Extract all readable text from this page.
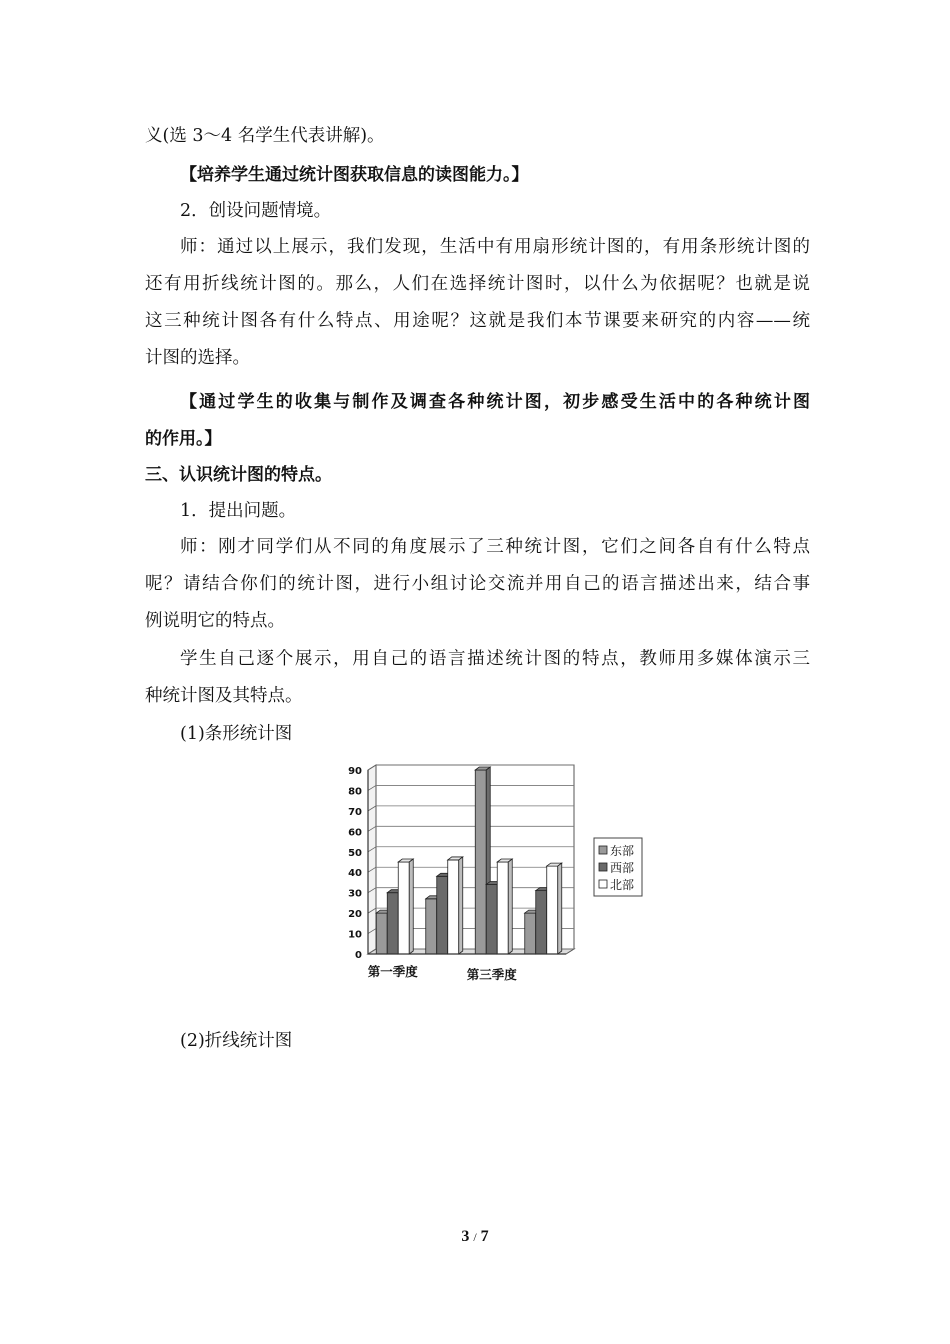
义(选 3～4 名学生代表讲解)。
【培养学生通过统计图获取信息的读图能力。】
2．创设问题情境。
师：通过以上展示，我们发现，生活中有用扇形统计图的，有用条形统计图的
还有用折线统计图的。那么，人们在选择统计图时，以什么为依据呢？也就是说
这三种统计图各有什么特点、用途呢？这就是我们本节课要来研究的内容——统
计图的选择。
【通过学生的收集与制作及调查各种统计图，初步感受生活中的各种统计图
的作用。】
三、认识统计图的特点。
1．提出问题。
师：刚才同学们从不同的角度展示了三种统计图，它们之间各自有什么特点
呢？请结合你们的统计图，进行小组讨论交流并用自己的语言描述出来，结合事
例说明它的特点。
学生自己逐个展示，用自己的语言描述统计图的特点，教师用多媒体演示三
种统计图及其特点。
(1)条形统计图
0
10
20
30
40
50
60
70
80
90
第一季度	第三季度
东部
西部
北部
(2)折线统计图
3 / 7
